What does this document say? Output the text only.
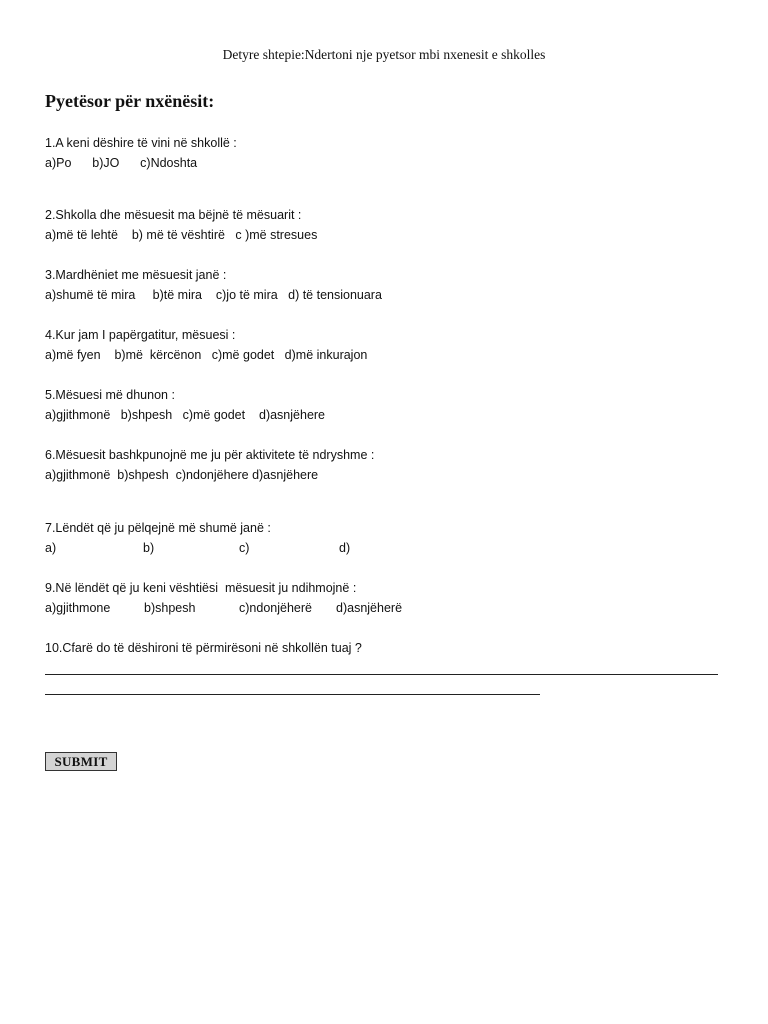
Detyre shtepie:Ndertoni nje pyetsor mbi nxenesit e shkolles
Pyetësor për nxënësit:

1.A keni dëshire të vini në shkollë :

a)Po      b)JO      c)Ndoshta

2.Shkolla dhe mësuesit ma bëjnë të mësuarit :

a)më të lehtë    b) më të vështirë   c )më stresues

3.Mardhëniet me mësuesit janë :

a)shumë të mira     b)të mira    c)jo të mira   d) të tensionuara

4.Kur jam I papërgatitur, mësuesi :

a)më fyen    b)më  kërcënon   c)më godet   d)më inkurajon

5.Mësuesi më dhunon :

a)gjithmonë   b)shpesh   c)më godet    d)asnjëhere

6.Mësuesit bashkpunojnë me ju për aktivitete të ndryshme :

a)gjithmonë  b)shpesh  c)ndonjëhere d)asnjëhere

7.Lëndët që ju pëlqejnë më shumë janë :

a)

	b)

	c)

	d)

9.Në lëndët që ju keni vështiësi  mësuesit ju ndihmojnë :

a)gjithmone

	b)shpesh

	c)ndonjëherë

d)asnjëherë

10.Cfarë do të dëshironi të përmirësoni në shkollën tuaj ?

SUBMIT
